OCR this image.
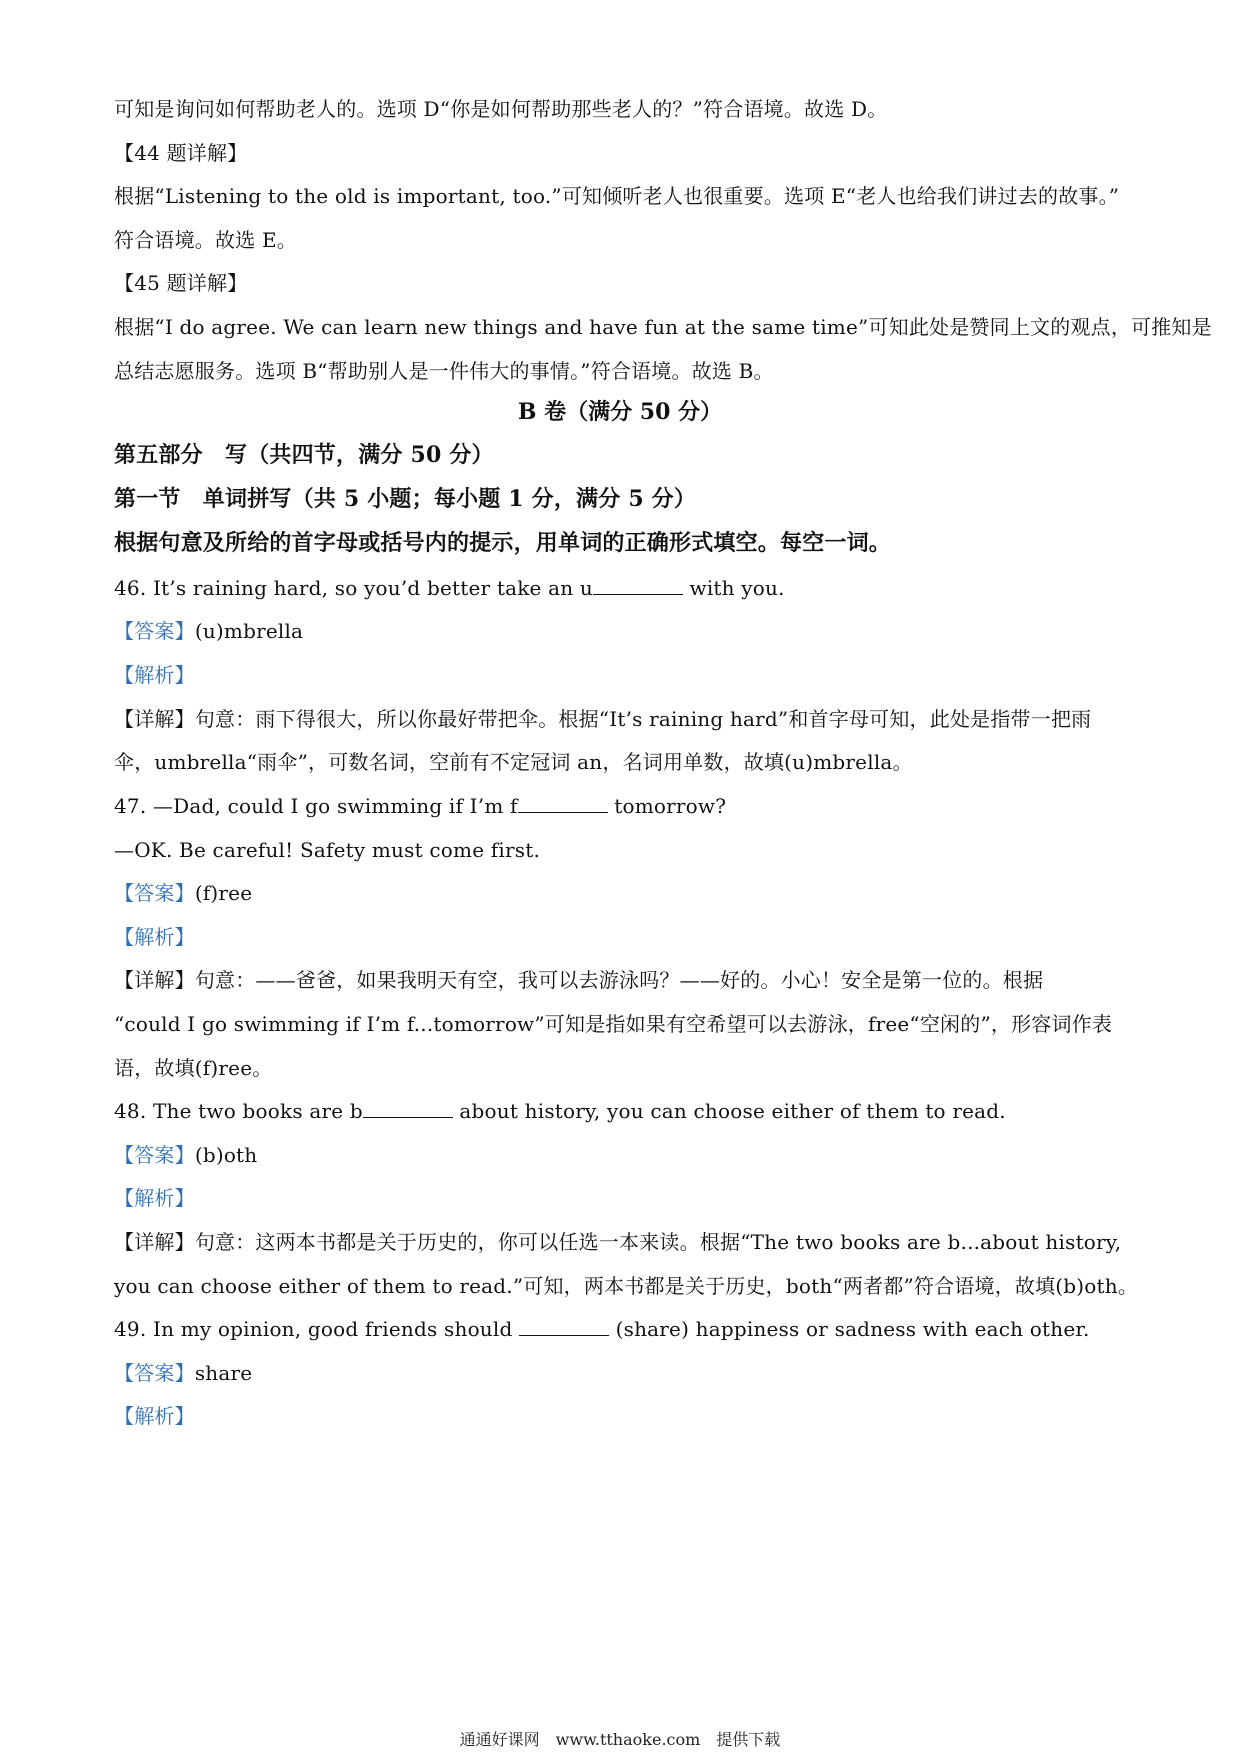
可知是询问如何帮助老人的。选项 D“你是如何帮助那些老人的？”符合语境。故选 D。
【44 题详解】
根据“Listening to the old is important, too.”可知倾听老人也很重要。选项 E“老人也给我们讲过去的故事。”
符合语境。故选 E。
【45 题详解】
根据“I do agree. We can learn new things and have fun at the same time”可知此处是赞同上文的观点，可推知是
总结志愿服务。选项 B“帮助别人是一件伟大的事情。”符合语境。故选 B。
B 卷（满分 50 分）
第五部分　写（共四节，满分 50 分）
第一节　单词拼写（共 5 小题；每小题 1 分，满分 5 分）
根据句意及所给的首字母或括号内的提示，用单词的正确形式填空。每空一词。
46. It’s raining hard, so you’d better take an u	with you.
【答案】(u)mbrella
【解析】
【详解】句意：雨下得很大，所以你最好带把伞。根据“It’s raining hard”和首字母可知，此处是指带一把雨
伞，umbrella“雨伞”，可数名词，空前有不定冠词 an，名词用单数，故填(u)mbrella。
47. —Dad, could I go swimming if I’m f	tomorrow?
—OK. Be careful! Safety must come first.
【答案】(f)ree
【解析】
【详解】句意：——爸爸，如果我明天有空，我可以去游泳吗？——好的。小心！安全是第一位的。根据
“could I go swimming if I’m f...tomorrow”可知是指如果有空希望可以去游泳，free“空闲的”，形容词作表
语，故填(f)ree。
48. The two books are b	about history, you can choose either of them to read.
【答案】(b)oth
【解析】
【详解】句意：这两本书都是关于历史的，你可以任选一本来读。根据“The two books are b...about history,
you can choose either of them to read.”可知，两本书都是关于历史，both“两者都”符合语境，故填(b)oth。
49. In my opinion, good friends should	(share) happiness or sadness with each other.
【答案】share
【解析】
通通好课网　www.tthaoke.com　提供下载
